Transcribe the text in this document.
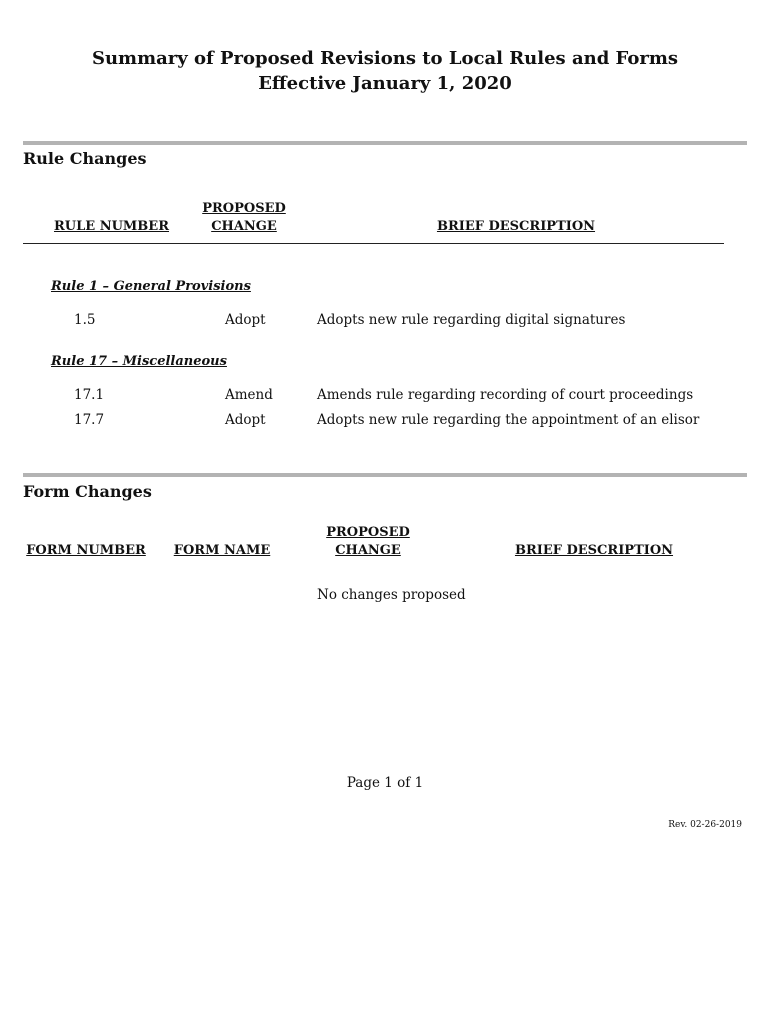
Summary of Proposed Revisions to Local Rules and Forms
Effective January 1, 2020
Rule Changes
RULE NUMBER
PROPOSED
CHANGE	BRIEF DESCRIPTION
Rule 1 – General Provisions
1.5	Adopt	Adopts new rule regarding digital signatures
Rule 17 – Miscellaneous
17.1	Amend	Amends rule regarding recording of court proceedings
17.7	Adopt	Adopts new rule regarding the appointment of an elisor
Form Changes
FORM NUMBER FORM NAME
PROPOSED
CHANGE	BRIEF DESCRIPTION
No changes proposed
Page 1 of 1
Rev. 02-26-2019
